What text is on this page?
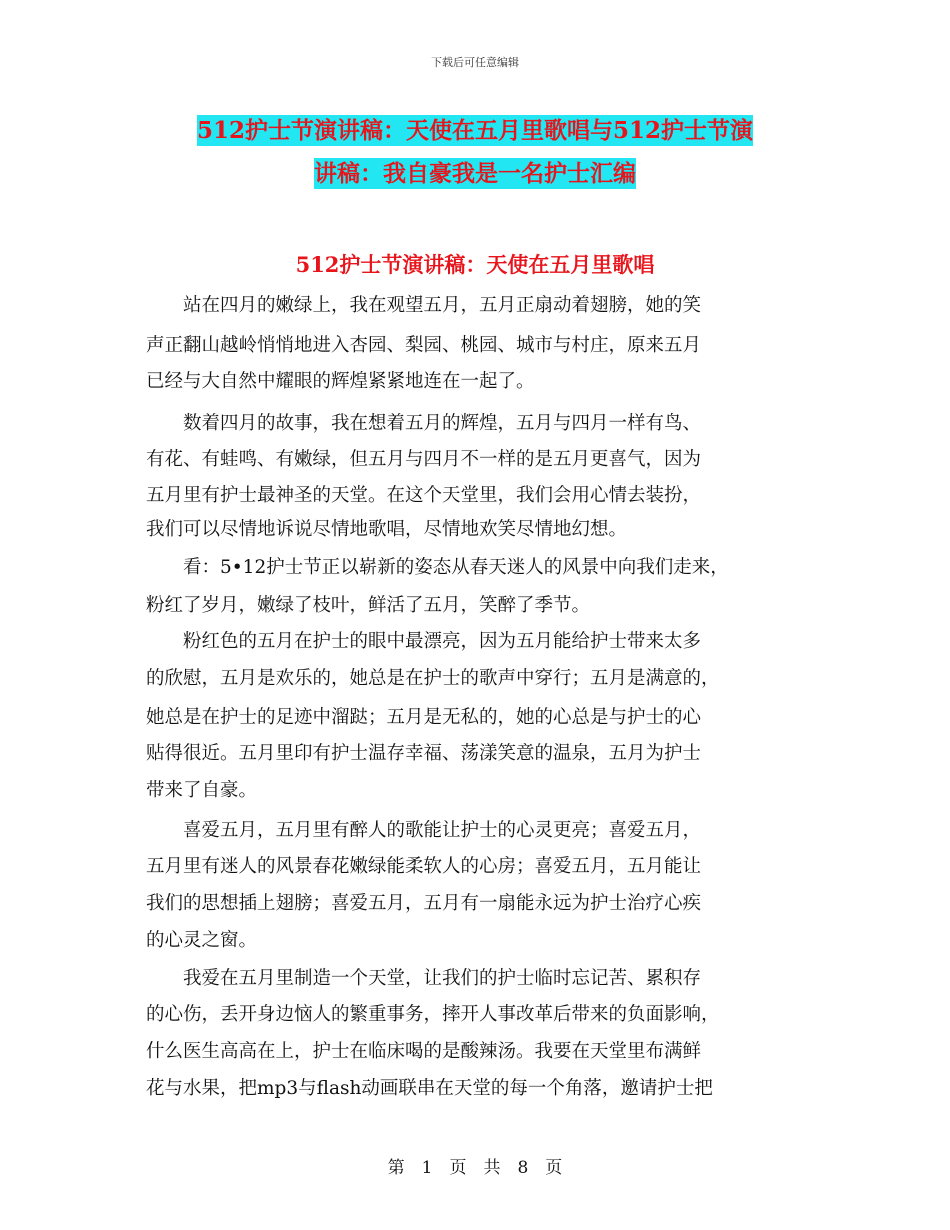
下载后可任意编辑
512护士节演讲稿：天使在五月里歌唱与512护士节演
讲稿：我自豪我是一名护士汇编
512护士节演讲稿：天使在五月里歌唱
　　站在四月的嫩绿上，我在观望五月，五月正扇动着翅膀，她的笑
声正翻山越岭悄悄地进入杏园、梨园、桃园、城市与村庄，原来五月
已经与大自然中耀眼的辉煌紧紧地连在一起了。
　　数着四月的故事，我在想着五月的辉煌，五月与四月一样有鸟、
有花、有蛙鸣、有嫩绿，但五月与四月不一样的是五月更喜气，因为
五月里有护士最神圣的天堂。在这个天堂里，我们会用心情去装扮，
我们可以尽情地诉说尽情地歌唱，尽情地欢笑尽情地幻想。
　　看：5•12护士节正以崭新的姿态从春天迷人的风景中向我们走来，
粉红了岁月，嫩绿了枝叶，鲜活了五月，笑醉了季节。
　　粉红色的五月在护士的眼中最漂亮，因为五月能给护士带来太多
的欣慰，五月是欢乐的，她总是在护士的歌声中穿行；五月是满意的，
她总是在护士的足迹中溜跶；五月是无私的，她的心总是与护士的心
贴得很近。五月里印有护士温存幸福、荡漾笑意的温泉，五月为护士
带来了自豪。
　　喜爱五月，五月里有醉人的歌能让护士的心灵更亮；喜爱五月，
五月里有迷人的风景春花嫩绿能柔软人的心房；喜爱五月，五月能让
我们的思想插上翅膀；喜爱五月，五月有一扇能永远为护士治疗心疾
的心灵之窗。
　　我爱在五月里制造一个天堂，让我们的护士临时忘记苦、累积存
的心伤，丢开身边恼人的繁重事务，摔开人事改革后带来的负面影响，
什么医生高高在上，护士在临床喝的是酸辣汤。我要在天堂里布满鲜
花与水果，把mp3与flash动画联串在天堂的每一个角落，邀请护士把
第　1　页　共　8　页
